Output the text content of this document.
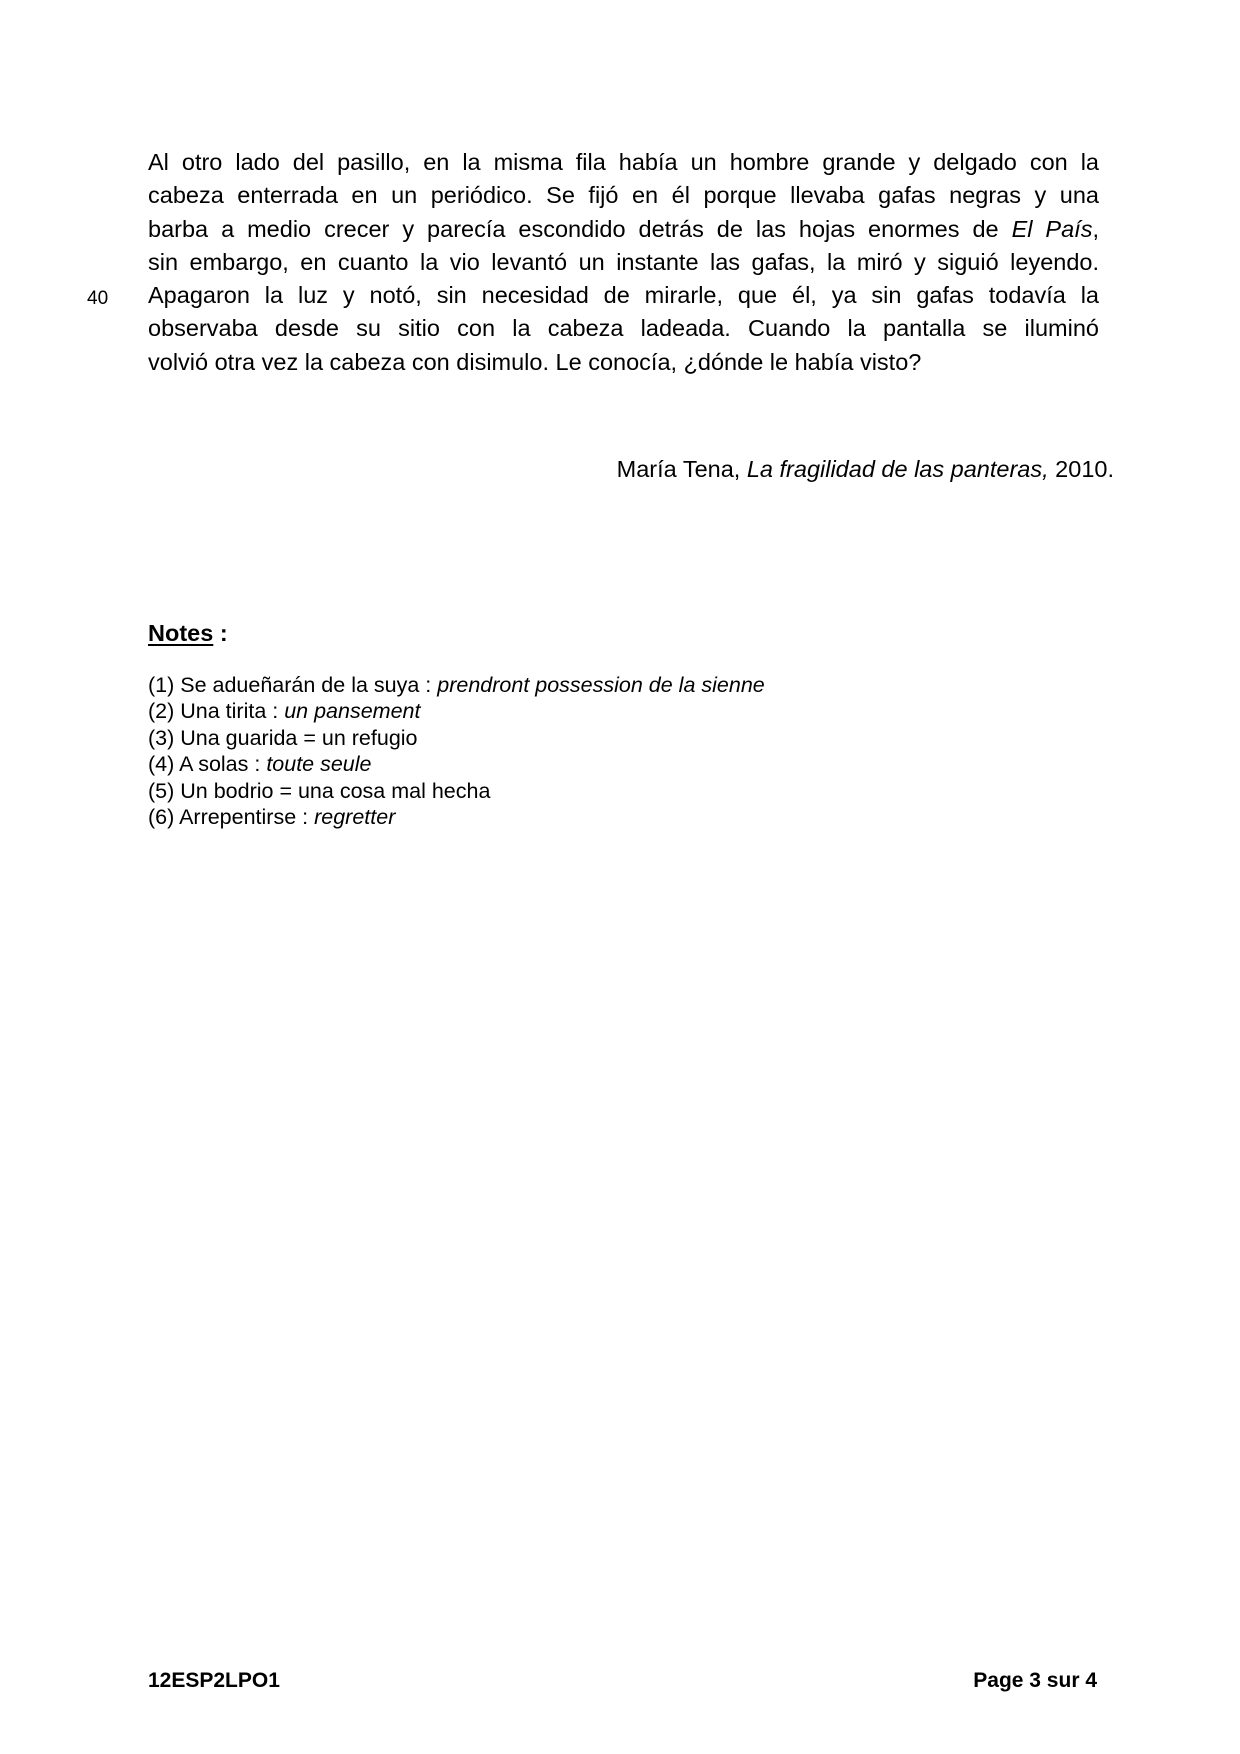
Al otro lado del pasillo, en la misma fila había un hombre grande y delgado con la
cabeza enterrada en un periódico. Se fijó en él porque llevaba gafas negras y una
barba a medio crecer y parecía escondido detrás de las hojas enormes de El País,
sin embargo, en cuanto la vio levantó un instante las gafas, la miró y siguió leyendo.
Apagaron la luz y notó, sin necesidad de mirarle, que él, ya sin gafas todavía la
observaba desde su sitio con la cabeza ladeada. Cuando la pantalla se iluminó
volvió otra vez la cabeza con disimulo. Le conocía, ¿dónde le había visto?
40
María Tena, La fragilidad de las panteras, 2010.
Notes :
(1) Se adueñarán de la suya : prendront possession de la sienne
(2) Una tirita : un pansement
(3) Una guarida = un refugio
(4) A solas : toute seule
(5) Un bodrio = una cosa mal hecha
(6) Arrepentirse : regretter
12ESP2LPO1	Page 3 sur 4
